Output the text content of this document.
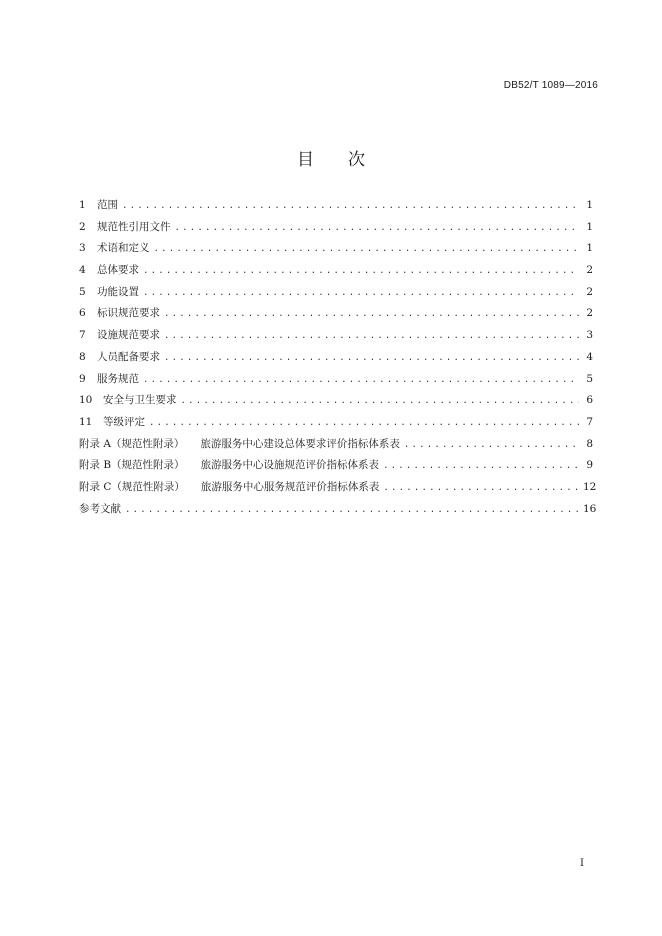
DB52/T 1089—2016
目 次
1	范围 .....	1
2	规范性引用文件 .....	1
3	术语和定义 .....	1
4	总体要求 .....	2
5	功能设置 .....	2
6	标识规范要求 .....	2
7	设施规范要求 .....	3
8	人员配备要求 .....	4
9	服务规范 .....	5
10	安全与卫生要求 .....	6
11	等级评定 .....	7
附录 A（规范性附录） 旅游服务中心建设总体要求评价指标体系表 .....	8
附录 B（规范性附录） 旅游服务中心设施规范评价指标体系表 .....	9
附录 C（规范性附录） 旅游服务中心服务规范评价指标体系表 .....	12
参考文献 .....	16
I
